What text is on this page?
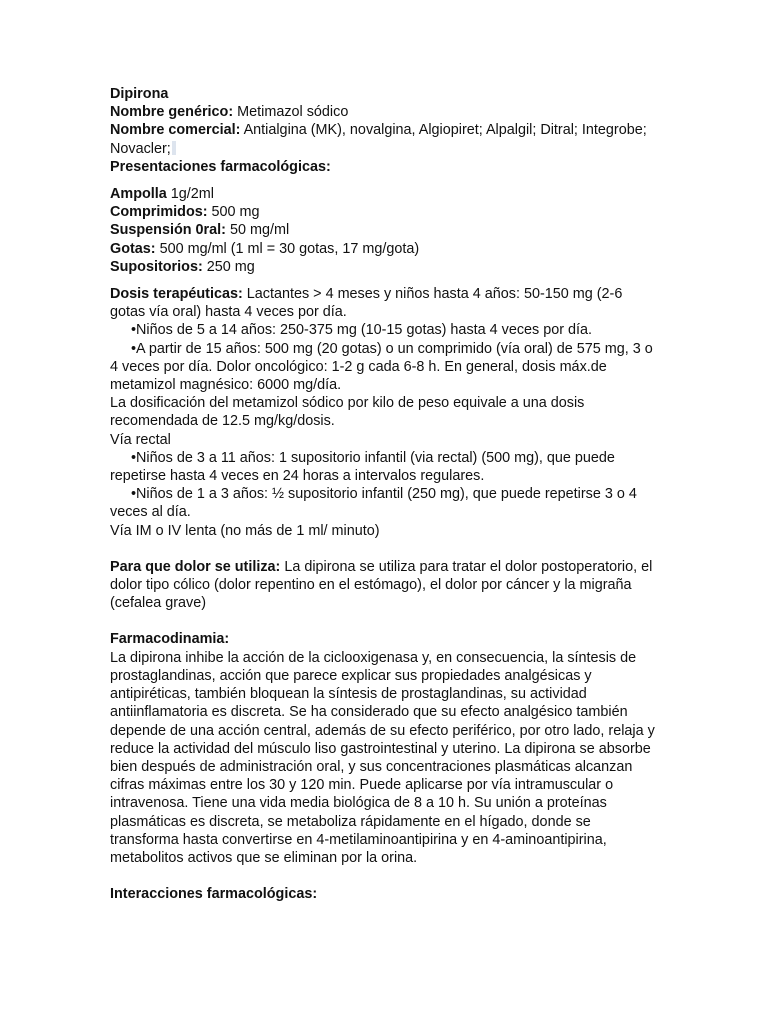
Dipirona

Nombre genérico: Metimazol sódico

Nombre comercial: Antialgina (MK), novalgina, Algiopiret; Alpalgil; Ditral; Integrobe; Novacler;

Presentaciones farmacológicas:

Ampolla 1g/2ml

Comprimidos: 500 mg

Suspensión 0ral: 50 mg/ml

Gotas: 500 mg/ml (1 ml = 30 gotas, 17 mg/gota)

Supositorios: 250 mg

Dosis terapéuticas: Lactantes > 4 meses y niños hasta 4 años: 50-150 mg (2-6 gotas vía oral) hasta 4 veces por día.

•Niños de 5 a 14 años: 250-375 mg (10-15 gotas) hasta 4 veces por día.

•A partir de 15 años: 500 mg (20 gotas) o un comprimido (vía oral) de 575 mg, 3 o 4 veces por día. Dolor oncológico: 1-2 g cada 6-8 h. En general, dosis máx.de metamizol magnésico: 6000 mg/día.

La dosificación del metamizol sódico por kilo de peso equivale a una dosis recomendada de 12.5 mg/kg/dosis.

Vía rectal

•Niños de 3 a 11 años: 1 supositorio infantil (via rectal) (500 mg), que puede repetirse hasta 4 veces en 24 horas a intervalos regulares.

•Niños de 1 a 3 años: ½ supositorio infantil (250 mg), que puede repetirse 3 o 4 veces al día.

Vía IM o IV lenta (no más de 1 ml/ minuto)

Para que dolor se utiliza: La dipirona se utiliza para tratar el dolor postoperatorio, el dolor tipo cólico (dolor repentino en el estómago), el dolor por cáncer y la migraña (cefalea grave)

Farmacodinamia:

La dipirona inhibe la acción de la ciclooxigenasa y, en consecuencia, la síntesis de prostaglandinas, acción que parece explicar sus propiedades analgésicas y antipiréticas, también bloquean la síntesis de prostaglandinas, su actividad antiinflamatoria es discreta. Se ha considerado que su efecto analgésico también depende de una acción central, además de su efecto periférico, por otro lado, relaja y reduce la actividad del músculo liso gastrointestinal y uterino. La dipirona se absorbe bien después de administración oral, y sus concentraciones plasmáticas alcanzan cifras máximas entre los 30 y 120 min. Puede aplicarse por vía intramuscular o intravenosa. Tiene una vida media biológica de 8 a 10 h. Su unión a proteínas plasmáticas es discreta, se metaboliza rápidamente en el hígado, donde se transforma hasta convertirse en 4-metilaminoantipirina y en 4-aminoantipirina, metabolitos activos que se eliminan por la orina.

Interacciones farmacológicas:
